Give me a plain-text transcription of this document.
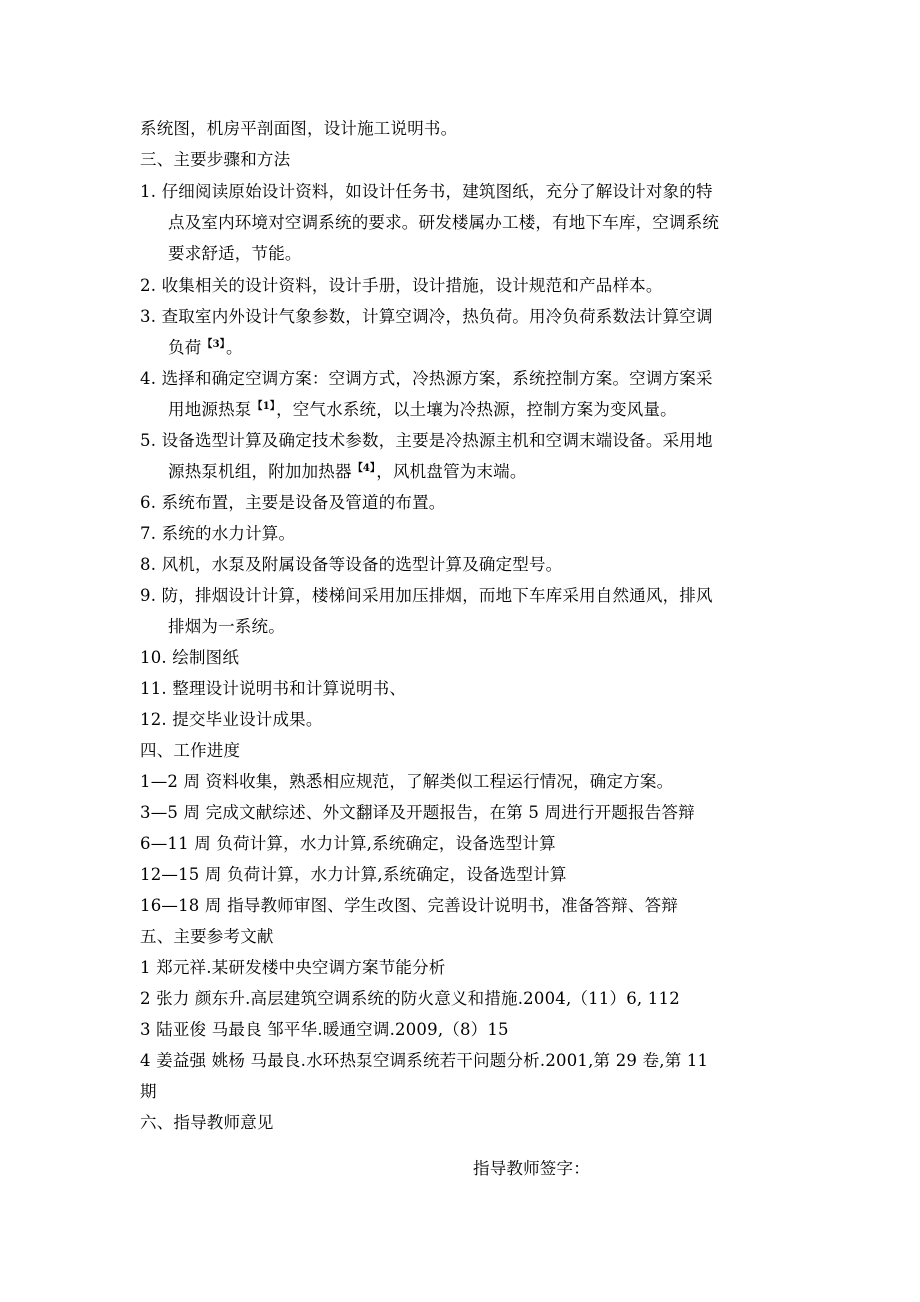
系统图，机房平剖面图，设计施工说明书。
三、主要步骤和方法
1. 仔细阅读原始设计资料，如设计任务书，建筑图纸，充分了解设计对象的特
点及室内环境对空调系统的要求。研发楼属办工楼，有地下车库，空调系统
要求舒适，节能。
2. 收集相关的设计资料，设计手册，设计措施，设计规范和产品样本。
3. 查取室内外设计气象参数，计算空调冷，热负荷。用冷负荷系数法计算空调
负荷$^{【3】}$。
4. 选择和确定空调方案：空调方式，冷热源方案，系统控制方案。空调方案采
用地源热泵$^{【1】}$，空气水系统，以土壤为冷热源，控制方案为变风量。
5. 设备选型计算及确定技术参数，主要是冷热源主机和空调末端设备。采用地
源热泵机组，附加加热器$^{【4】}$，风机盘管为末端。
6. 系统布置，主要是设备及管道的布置。
7. 系统的水力计算。
8. 风机，水泵及附属设备等设备的选型计算及确定型号。
9. 防，排烟设计计算，楼梯间采用加压排烟，而地下车库采用自然通风，排风
排烟为一系统。
10. 绘制图纸
11. 整理设计说明书和计算说明书、
12. 提交毕业设计成果。
四、工作进度
1—2 周 资料收集，熟悉相应规范，了解类似工程运行情况，确定方案。
3—5 周 完成文献综述、外文翻译及开题报告，在第 5 周进行开题报告答辩
6—11 周 负荷计算，水力计算,系统确定，设备选型计算
12—15 周 负荷计算，水力计算,系统确定，设备选型计算
16—18 周 指导教师审图、学生改图、完善设计说明书，准备答辩、答辩
五、主要参考文献
1 郑元祥.某研发楼中央空调方案节能分析
2 张力 颜东升.高层建筑空调系统的防火意义和措施.2004,（11）6, 112
3 陆亚俊 马最良 邹平华.暖通空调.2009,（8）15
4 姜益强 姚杨 马最良.水环热泵空调系统若干问题分析.2001,第 29 卷,第 11
期
六、指导教师意见
指导教师签字：
